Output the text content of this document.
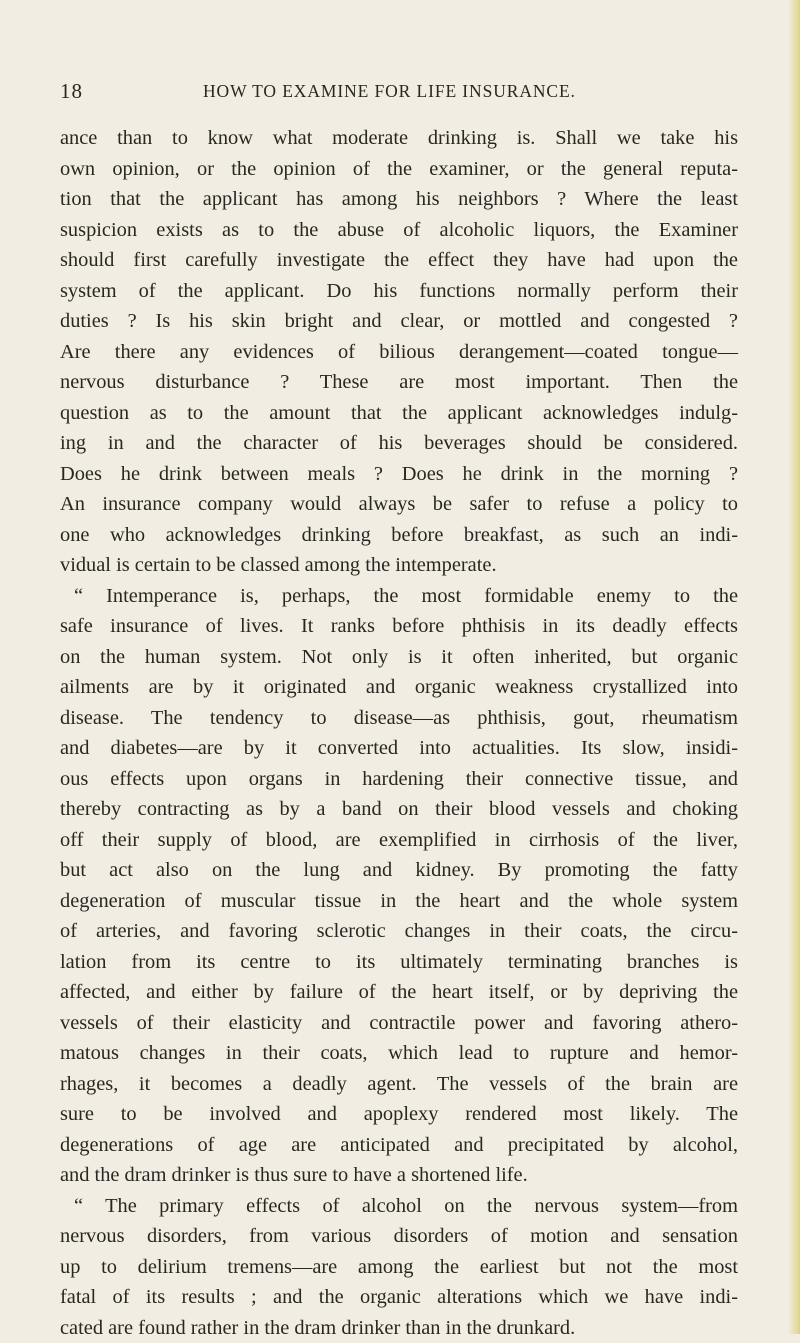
18	HOW TO EXAMINE FOR LIFE INSURANCE.
ance than to know what moderate drinking is. Shall we take his
own opinion, or the opinion of the examiner, or the general reputa-
tion that the applicant has among his neighbors ? Where the least
suspicion exists as to the abuse of alcoholic liquors, the Examiner
should first carefully investigate the effect they have had upon the
system of the applicant. Do his functions normally perform their
duties ? Is his skin bright and clear, or mottled and congested ?
Are there any evidences of bilious derangement—coated tongue—
nervous disturbance ? These are most important. Then the
question as to the amount that the applicant acknowledges indulg-
ing in and the character of his beverages should be considered.
Does he drink between meals ? Does he drink in the morning ?
An insurance company would always be safer to refuse a policy to
one who acknowledges drinking before breakfast, as such an indi-
vidual is certain to be classed among the intemperate.
“ Intemperance is, perhaps, the most formidable enemy to the
safe insurance of lives. It ranks before phthisis in its deadly effects
on the human system. Not only is it often inherited, but organic
ailments are by it originated and organic weakness crystallized into
disease. The tendency to disease—as phthisis, gout, rheumatism
and diabetes—are by it converted into actualities. Its slow, insidi-
ous effects upon organs in hardening their connective tissue, and
thereby contracting as by a band on their blood vessels and choking
off their supply of blood, are exemplified in cirrhosis of the liver,
but act also on the lung and kidney. By promoting the fatty
degeneration of muscular tissue in the heart and the whole system
of arteries, and favoring sclerotic changes in their coats, the circu-
lation from its centre to its ultimately terminating branches is
affected, and either by failure of the heart itself, or by depriving the
vessels of their elasticity and contractile power and favoring athero-
matous changes in their coats, which lead to rupture and hemor-
rhages, it becomes a deadly agent. The vessels of the brain are
sure to be involved and apoplexy rendered most likely. The
degenerations of age are anticipated and precipitated by alcohol,
and the dram drinker is thus sure to have a shortened life.
“ The primary effects of alcohol on the nervous system—from
nervous disorders, from various disorders of motion and sensation
up to delirium tremens—are among the earliest but not the most
fatal of its results ; and the organic alterations which we have indi-
cated are found rather in the dram drinker than in the drunkard.
